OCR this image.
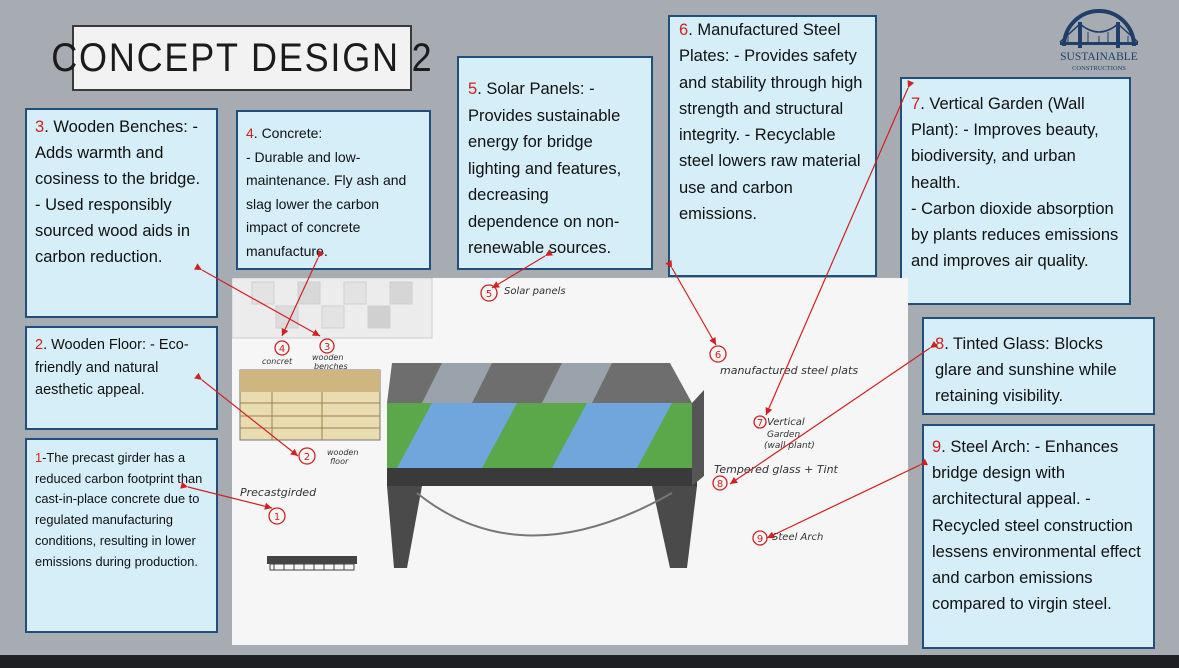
CONCEPT DESIGN 2	SUSTAINABLE
CONSTRUCTIONS
3. Wooden Benches: - Adds warmth and cosiness to the bridge. - Used responsibly sourced wood aids in carbon reduction.
4. Concrete:
- Durable and low-maintenance. Fly ash and slag lower the carbon impact of concrete manufacture.
5. Solar Panels: - Provides sustainable energy for bridge lighting and features, decreasing dependence on non-renewable sources.
6. Manufactured Steel Plates: - Provides safety and stability through high strength and structural integrity. - Recyclable steel lowers raw material use and carbon emissions.
7. Vertical Garden (Wall Plant): - Improves beauty, biodiversity, and urban health.
- Carbon dioxide absorption by plants reduces emissions and improves air quality.
2. Wooden Floor: - Eco-friendly and natural aesthetic appeal.
1-The precast girder has a reduced carbon footprint than cast-in-place concrete due to regulated manufacturing conditions, resulting in lower emissions during production.
8. Tinted Glass: Blocks glare and sunshine while retaining visibility.
9. Steel Arch: - Enhances bridge design with architectural appeal. - Recycled steel construction lessens environmental effect and carbon emissions compared to virgin steel.
Solar panels
manufactured steel plats
Vertical
Garden
(wall plant)
Tempered glass + Tint
Steel Arch
Precastgirded
concret wooden
benches
wooden
floor
1
2
3
4
5
6
7
8
9
